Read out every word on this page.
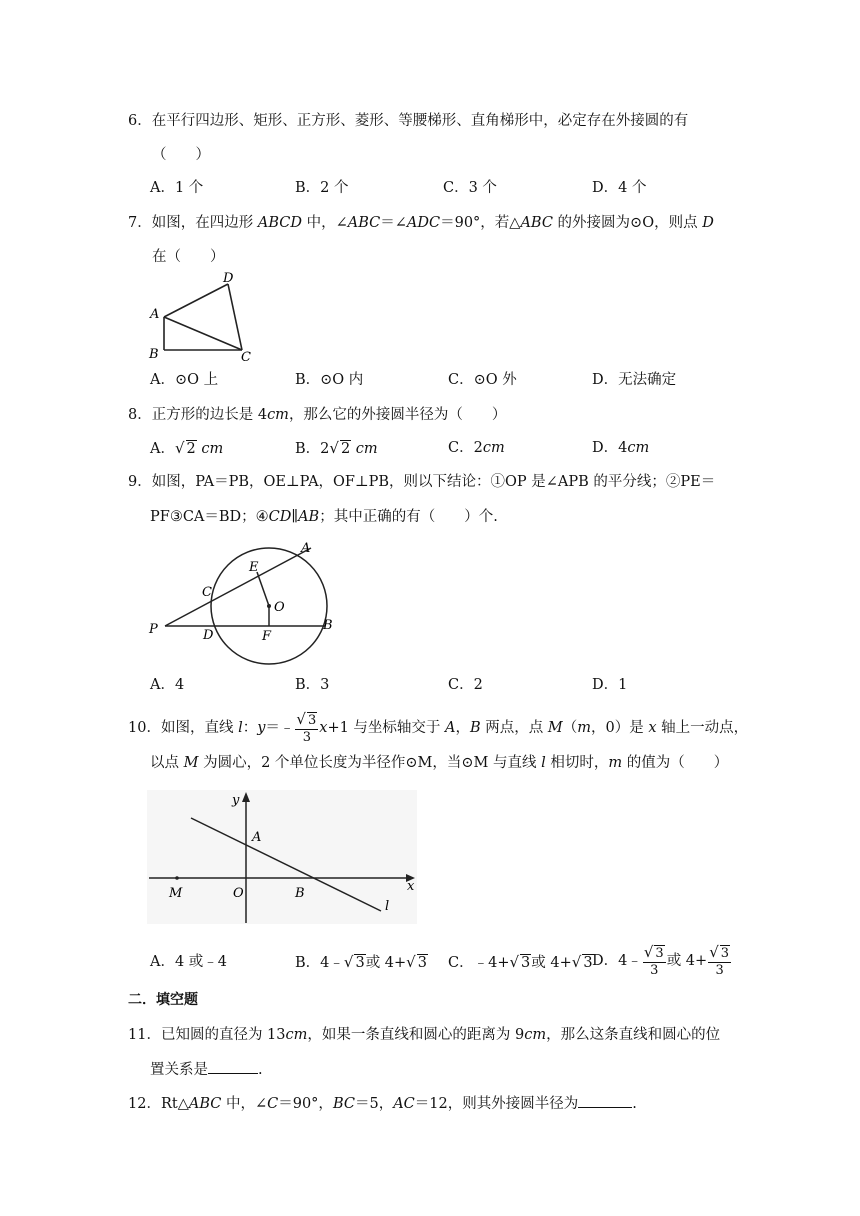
6．在平行四边形、矩形、正方形、菱形、等腰梯形、直角梯形中，必定存在外接圆的有
（　　）
A．1 个	B．2 个	C．3 个	D．4 个
7．如图，在四边形 ABCD 中，∠ABC＝∠ADC＝90°，若△ABC 的外接圆为⊙O，则点 D
在（　　）
D
A
B	C
A．⊙O 上	B．⊙O 内	C．⊙O 外	D．无法确定
8．正方形的边长是 4cm，那么它的外接圆半径为（　　）
A．√ 2 cm	B．2√ 2 cm	C．2cm	D．4cm
9．如图，PA＝PB，OE⊥PA，OF⊥PB，则以下结论：①OP 是∠APB 的平分线；②PE＝
PF③CA＝BD；④CD∥AB；其中正确的有（　　）个.
A
E
C
O
P	D	F
B
A．4	B．3	C．2	D．1
10．如图，直线 l：y＝﹣ $\frac{√ 3}{3} x+1$ 与坐标轴交于 A，B 两点，点 M（m，0）是 x 轴上一动点，
以点 M 为圆心，2 个单位长度为半径作⊙M，当⊙M 与直线 l 相切时，m 的值为（　　）
y
A
M	O	B	x
l
A．4 或﹣4	B．4﹣√ 3或 4+√ 3 C．﹣4+√ 3或 4+√ 3 D．4﹣ $\frac{√ 3}{3}$ 或 $4+ \frac{√ 3}{3}$
二．填空题
11．已知圆的直径为 13cm，如果一条直线和圆心的距离为 9cm，那么这条直线和圆心的位
置关系是	.
12．Rt△ABC 中，∠C＝90°，BC＝5，AC＝12，则其外接圆半径为	.
